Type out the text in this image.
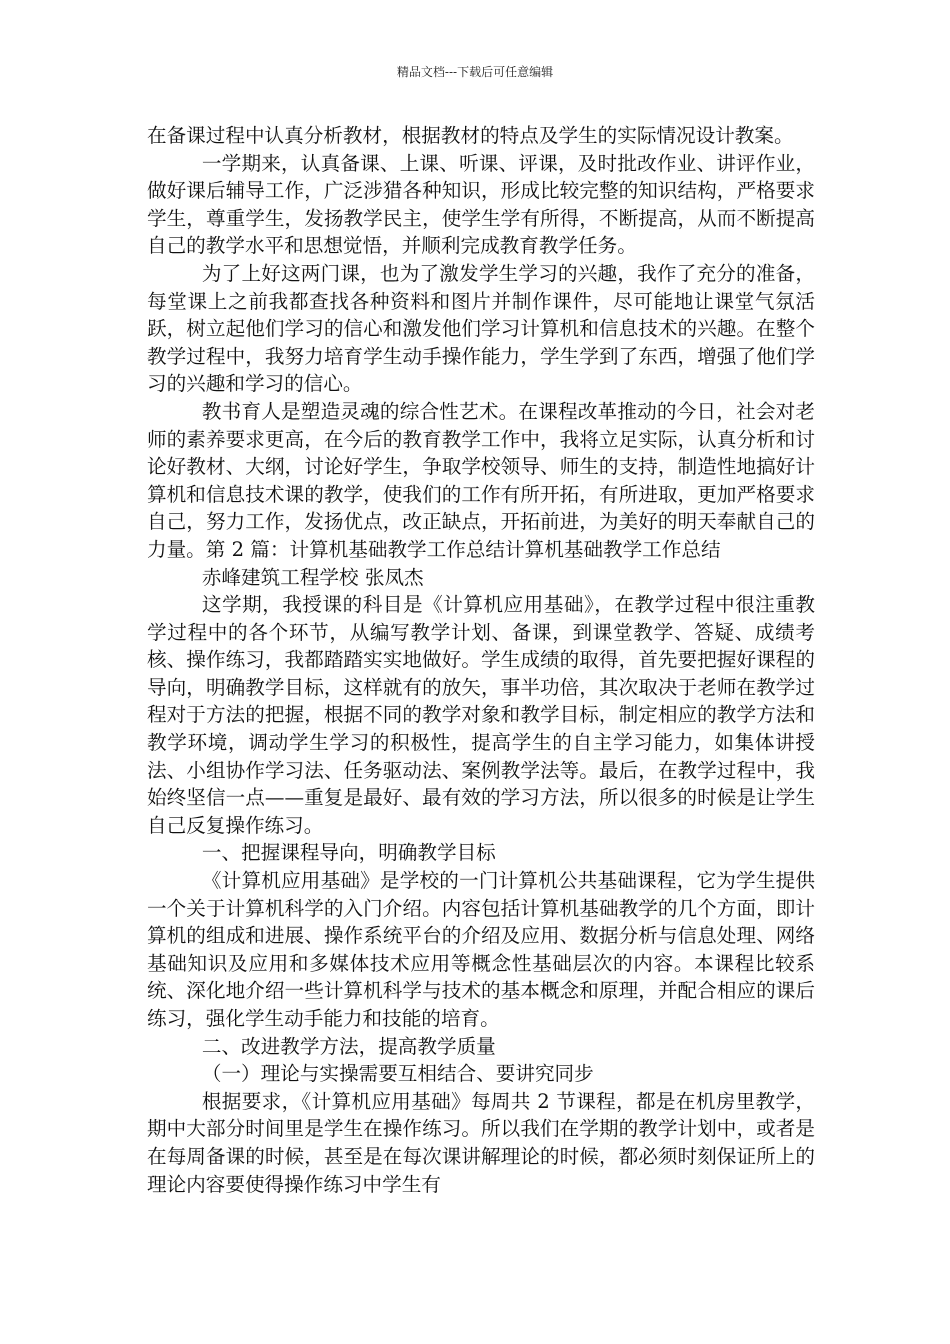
精品文档---下载后可任意编辑

在备课过程中认真分析教材，根据教材的特点及学生的实际情况设计教案。

一学期来，认真备课、上课、听课、评课，及时批改作业、讲评作业，做好课后辅导工作，广泛涉猎各种知识，形成比较完整的知识结构，严格要求学生，尊重学生，发扬教学民主，使学生学有所得，不断提高，从而不断提高自己的教学水平和思想觉悟，并顺利完成教育教学任务。

为了上好这两门课，也为了激发学生学习的兴趣，我作了充分的准备，每堂课上之前我都查找各种资料和图片并制作课件，尽可能地让课堂气氛活跃，树立起他们学习的信心和激发他们学习计算机和信息技术的兴趣。在整个教学过程中，我努力培育学生动手操作能力，学生学到了东西，增强了他们学习的兴趣和学习的信心。

教书育人是塑造灵魂的综合性艺术。在课程改革推动的今日，社会对老师的素养要求更高，在今后的教育教学工作中，我将立足实际，认真分析和讨论好教材、大纲，讨论好学生，争取学校领导、师生的支持，制造性地搞好计算机和信息技术课的教学，使我们的工作有所开拓，有所进取，更加严格要求自己，努力工作，发扬优点，改正缺点，开拓前进，为美好的明天奉献自己的力量。第 2 篇：计算机基础教学工作总结计算机基础教学工作总结

赤峰建筑工程学校 张凤杰

这学期，我授课的科目是《计算机应用基础》，在教学过程中很注重教学过程中的各个环节，从编写教学计划、备课，到课堂教学、答疑、成绩考核、操作练习，我都踏踏实实地做好。学生成绩的取得，首先要把握好课程的导向，明确教学目标，这样就有的放矢，事半功倍，其次取决于老师在教学过程对于方法的把握，根据不同的教学对象和教学目标，制定相应的教学方法和教学环境，调动学生学习的积极性，提高学生的自主学习能力，如集体讲授法、小组协作学习法、任务驱动法、案例教学法等。最后，在教学过程中，我始终坚信一点——重复是最好、最有效的学习方法，所以很多的时候是让学生自己反复操作练习。

一、把握课程导向，明确教学目标

《计算机应用基础》是学校的一门计算机公共基础课程，它为学生提供一个关于计算机科学的入门介绍。内容包括计算机基础教学的几个方面，即计算机的组成和进展、操作系统平台的介绍及应用、数据分析与信息处理、网络基础知识及应用和多媒体技术应用等概念性基础层次的内容。本课程比较系统、深化地介绍一些计算机科学与技术的基本概念和原理，并配合相应的课后练习，强化学生动手能力和技能的培育。

二、改进教学方法，提高教学质量

（一）理论与实操需要互相结合、要讲究同步

根据要求，《计算机应用基础》每周共 2 节课程，都是在机房里教学，期中大部分时间里是学生在操作练习。所以我们在学期的教学计划中，或者是在每周备课的时候，甚至是在每次课讲解理论的时候，都必须时刻保证所上的理论内容要使得操作练习中学生有
